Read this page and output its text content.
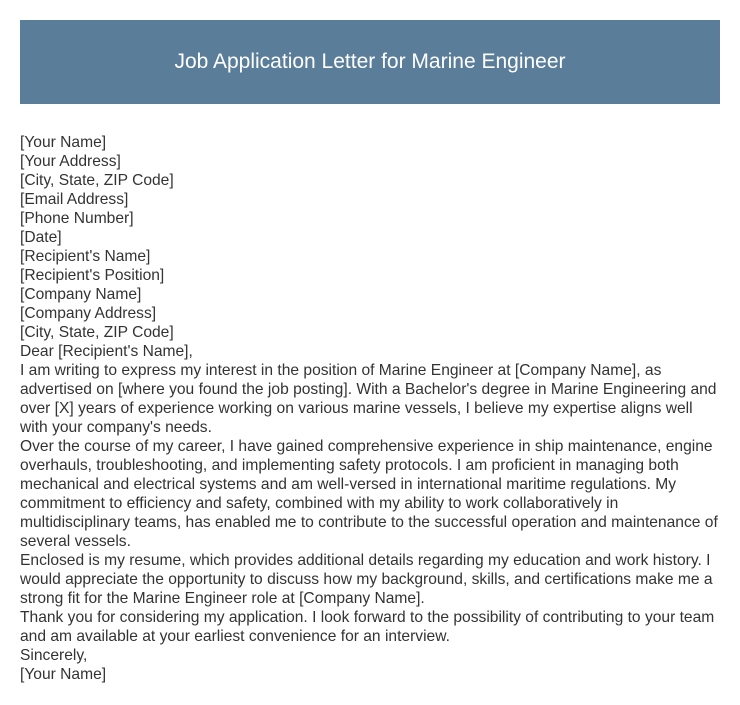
Job Application Letter for Marine Engineer
[Your Name]
[Your Address]
[City, State, ZIP Code]
[Email Address]
[Phone Number]
[Date]
[Recipient's Name]
[Recipient's Position]
[Company Name]
[Company Address]
[City, State, ZIP Code]
Dear [Recipient's Name],

I am writing to express my interest in the position of Marine Engineer at [Company Name], as advertised on [where you found the job posting]. With a Bachelor's degree in Marine Engineering and over [X] years of experience working on various marine vessels, I believe my expertise aligns well with your company's needs.

Over the course of my career, I have gained comprehensive experience in ship maintenance, engine overhauls, troubleshooting, and implementing safety protocols. I am proficient in managing both mechanical and electrical systems and am well-versed in international maritime regulations. My commitment to efficiency and safety, combined with my ability to work collaboratively in multidisciplinary teams, has enabled me to contribute to the successful operation and maintenance of several vessels.

Enclosed is my resume, which provides additional details regarding my education and work history. I would appreciate the opportunity to discuss how my background, skills, and certifications make me a strong fit for the Marine Engineer role at [Company Name].

Thank you for considering my application. I look forward to the possibility of contributing to your team and am available at your earliest convenience for an interview.

Sincerely,
[Your Name]
